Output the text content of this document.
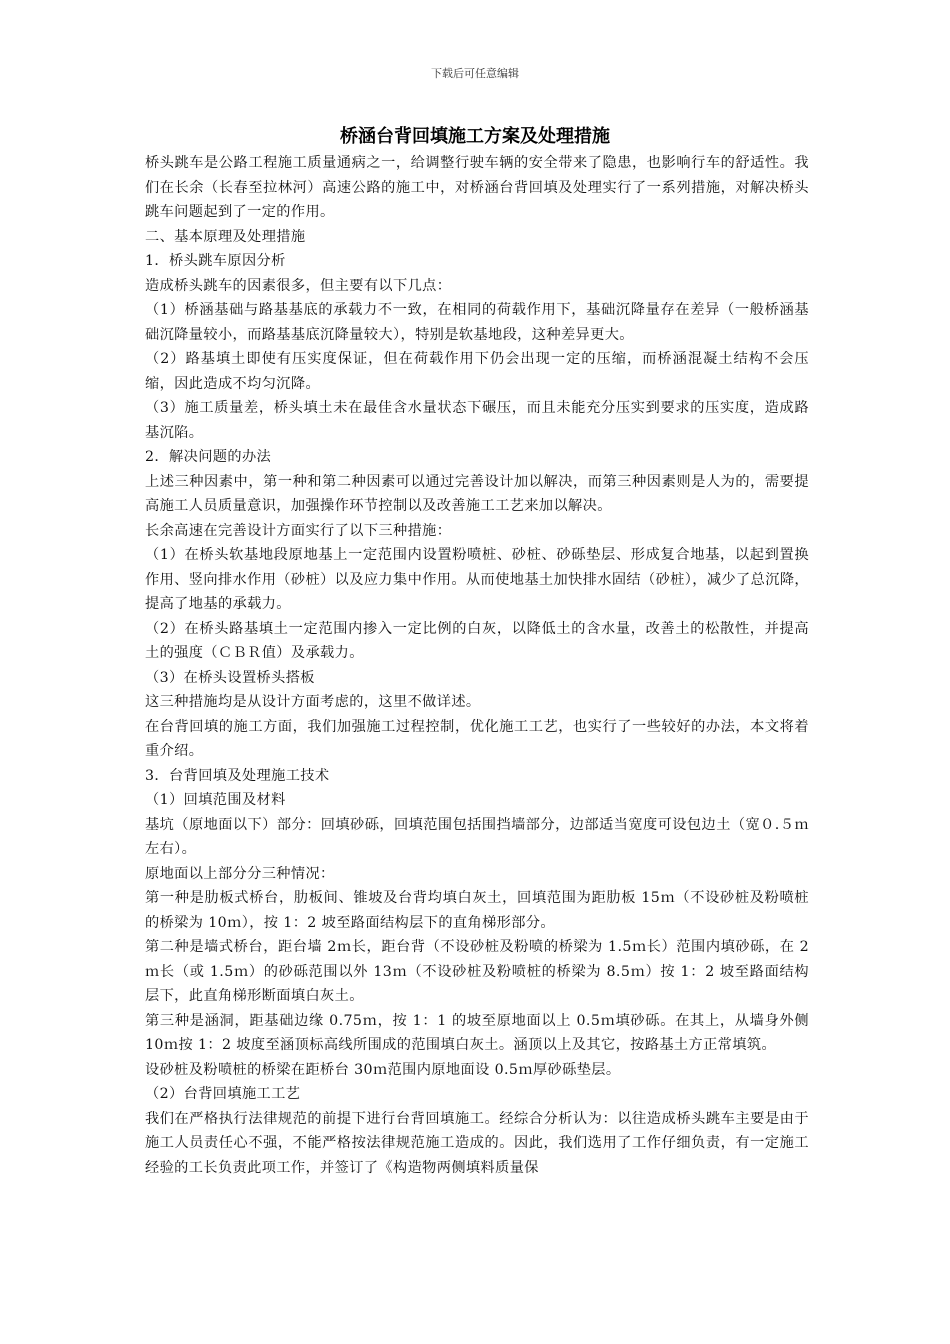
下载后可任意编辑
桥涵台背回填施工方案及处理措施

桥头跳车是公路工程施工质量通病之一，给调整行驶车辆的安全带来了隐患，也影响行车的舒适性。我们在长余（长春至拉林河）高速公路的施工中，对桥涵台背回填及处理实行了一系列措施，对解决桥头跳车问题起到了一定的作用。

二、基本原理及处理措施

1．桥头跳车原因分析

造成桥头跳车的因素很多，但主要有以下几点：

（1）桥涵基础与路基基底的承载力不一致，在相同的荷载作用下，基础沉降量存在差异（一般桥涵基础沉降量较小，而路基基底沉降量较大），特别是软基地段，这种差异更大。

（2）路基填土即使有压实度保证，但在荷载作用下仍会出现一定的压缩，而桥涵混凝土结构不会压缩，因此造成不均匀沉降。

（3）施工质量差，桥头填土未在最佳含水量状态下碾压，而且未能充分压实到要求的压实度，造成路基沉陷。

2．解决问题的办法

上述三种因素中，第一种和第二种因素可以通过完善设计加以解决，而第三种因素则是人为的，需要提高施工人员质量意识，加强操作环节控制以及改善施工工艺来加以解决。

长余高速在完善设计方面实行了以下三种措施：

（1）在桥头软基地段原地基上一定范围内设置粉喷桩、砂桩、砂砾垫层、形成复合地基，以起到置换作用、竖向排水作用（砂桩）以及应力集中作用。从而使地基土加快排水固结（砂桩），减少了总沉降，提高了地基的承载力。

（2）在桥头路基填土一定范围内掺入一定比例的白灰，以降低土的含水量，改善土的松散性，并提高土的强度（ＣＢＲ值）及承载力。

（3）在桥头设置桥头搭板

这三种措施均是从设计方面考虑的，这里不做详述。

在台背回填的施工方面，我们加强施工过程控制，优化施工工艺，也实行了一些较好的办法，本文将着重介绍。

3．台背回填及处理施工技术

（1）回填范围及材料

基坑（原地面以下）部分：回填砂砾，回填范围包括围挡墙部分，边部适当宽度可设包边土（宽０.５ｍ左右）。

原地面以上部分分三种情况：

第一种是肋板式桥台，肋板间、锥坡及台背均填白灰土，回填范围为距肋板 15ｍ（不设砂桩及粉喷桩的桥梁为 10ｍ），按 1：2 坡至路面结构层下的直角梯形部分。

第二种是墙式桥台，距台墙 2ｍ长，距台背（不设砂桩及粉喷的桥梁为 1.5ｍ长）范围内填砂砾，在 2ｍ长（或 1.5ｍ）的砂砾范围以外 13ｍ（不设砂桩及粉喷桩的桥梁为 8.5ｍ）按 1：2 坡至路面结构层下，此直角梯形断面填白灰土。

第三种是涵洞，距基础边缘 0.75ｍ，按 1：1 的坡至原地面以上 0.5ｍ填砂砾。在其上，从墙身外侧 10ｍ按 1：2 坡度至涵顶标高线所围成的范围填白灰土。涵顶以上及其它，按路基土方正常填筑。

设砂桩及粉喷桩的桥梁在距桥台 30ｍ范围内原地面设 0.5ｍ厚砂砾垫层。

（2）台背回填施工工艺

我们在严格执行法律规范的前提下进行台背回填施工。经综合分析认为：以往造成桥头跳车主要是由于施工人员责任心不强，不能严格按法律规范施工造成的。因此，我们选用了工作仔细负责，有一定施工经验的工长负责此项工作，并签订了《构造物两侧填料质量保
